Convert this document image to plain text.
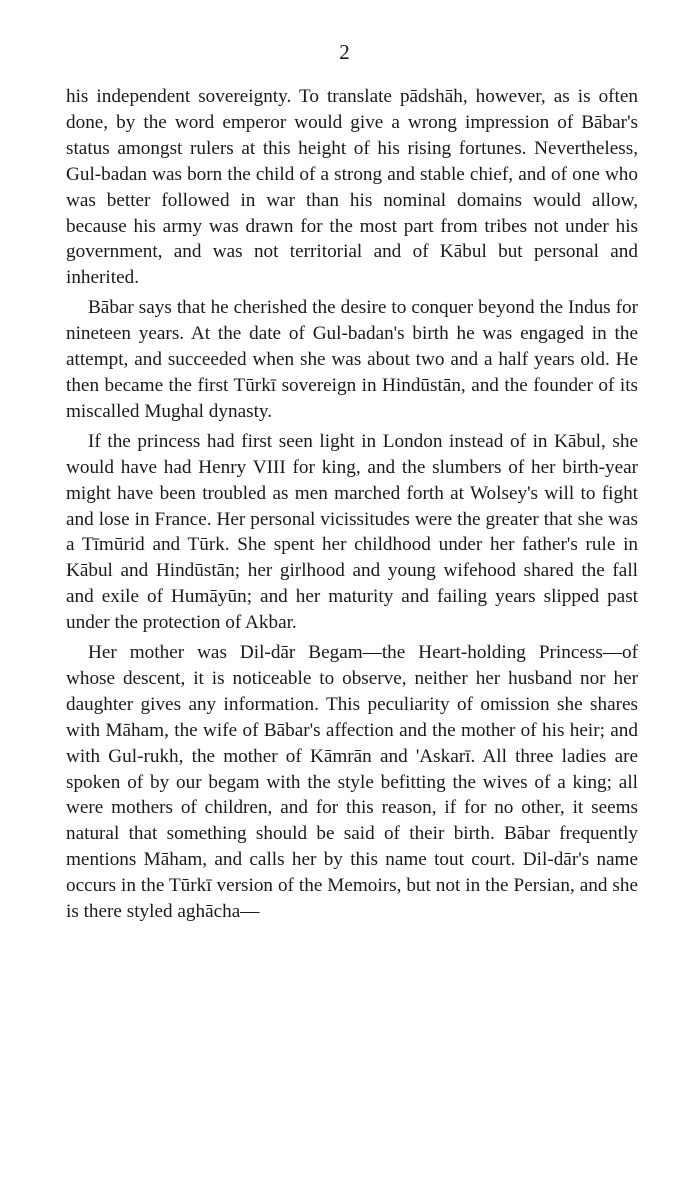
2

his independent sovereignty. To translate pādshāh, however, as is often done, by the word emperor would give a wrong impression of Bābar's status amongst rulers at this height of his rising fortunes. Nevertheless, Gul-badan was born the child of a strong and stable chief, and of one who was better followed in war than his nominal domains would allow, because his army was drawn for the most part from tribes not under his government, and was not territorial and of Kābul but personal and inherited.

Bābar says that he cherished the desire to conquer beyond the Indus for nineteen years. At the date of Gul-badan's birth he was engaged in the attempt, and succeeded when she was about two and a half years old. He then became the first Tūrkī sovereign in Hindūstān, and the founder of its miscalled Mughal dynasty.

If the princess had first seen light in London instead of in Kābul, she would have had Henry VIII for king, and the slumbers of her birth-year might have been troubled as men marched forth at Wolsey's will to fight and lose in France. Her personal vicissitudes were the greater that she was a Tīmūrid and Tūrk. She spent her childhood under her father's rule in Kābul and Hindūstān; her girlhood and young wifehood shared the fall and exile of Humāyūn; and her maturity and failing years slipped past under the protection of Akbar.

Her mother was Dil-dār Begam—the Heart-holding Princess—of whose descent, it is noticeable to observe, neither her husband nor her daughter gives any information. This peculiarity of omission she shares with Māham, the wife of Bābar's affection and the mother of his heir; and with Gul-rukh, the mother of Kāmrān and 'Askarī. All three ladies are spoken of by our begam with the style befitting the wives of a king; all were mothers of children, and for this reason, if for no other, it seems natural that something should be said of their birth. Bābar frequently mentions Māham, and calls her by this name tout court. Dil-dār's name occurs in the Tūrkī version of the Memoirs, but not in the Persian, and she is there styled aghācha—
